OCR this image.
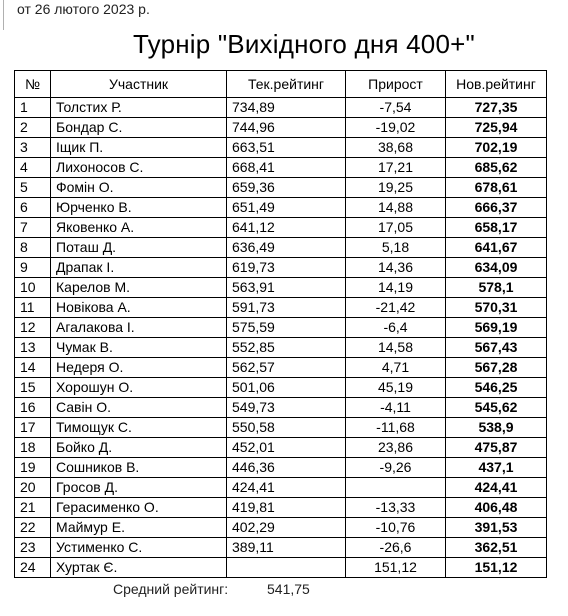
от 26 лютого 2023 р.
Турнір "Вихідного дня 400+"
№	Участник	Тек.рейтинг	Прирост	Нов.рейтинг
1	Толстих Р.	734,89	-7,54	727,35
2	Бондар С.	744,96	-19,02	725,94
3	Іщик П.	663,51	38,68	702,19
4	Лихоносов С.	668,41	17,21	685,62
5	Фомін О.	659,36	19,25	678,61
6	Юрченко В.	651,49	14,88	666,37
7	Яковенко А.	641,12	17,05	658,17
8	Поташ Д.	636,49	5,18	641,67
9	Драпак І.	619,73	14,36	634,09
10	Карелов М.	563,91	14,19	578,1
11	Новікова А.	591,73	-21,42	570,31
12	Агалакова І.	575,59	-6,4	569,19
13	Чумак В.	552,85	14,58	567,43
14	Недеря О.	562,57	4,71	567,28
15	Хорошун О.	501,06	45,19	546,25
16	Савін О.	549,73	-4,11	545,62
17	Тимощук С.	550,58	-11,68	538,9
18	Бойко Д.	452,01	23,86	475,87
19	Сошников В.	446,36	-9,26	437,1
20	Гросов Д.	424,41		424,41
21	Герасименко О.	419,81	-13,33	406,48
22	Маймур Е.	402,29	-10,76	391,53
23	Устименко С.	389,11	-26,6	362,51
24	Хуртак Є.		151,12	151,12
Средний рейтинг:	541,75
